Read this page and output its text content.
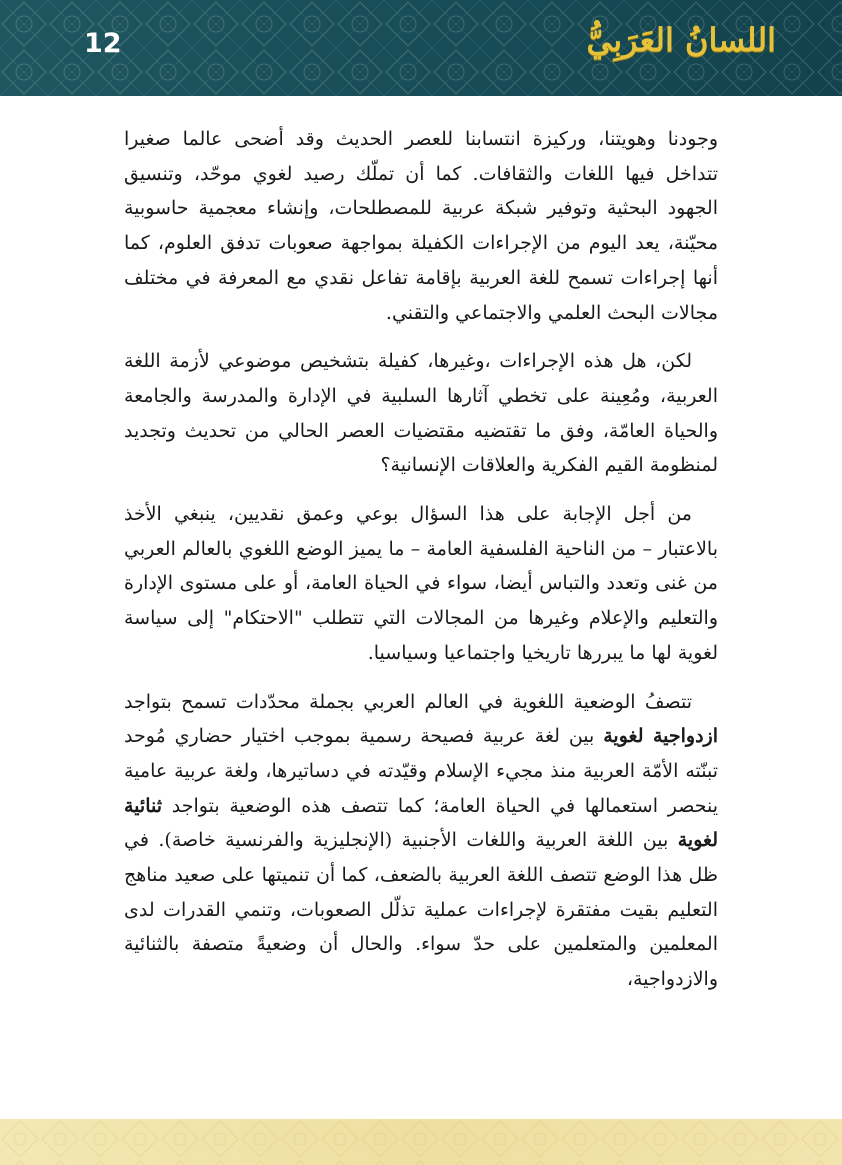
12	اللسانُ العَرَبِيُّ

وجودنا وهويتنا، وركيزة انتسابنا للعصر الحديث وقد أضحى عالما صغيرا تتداخل فيها اللغات والثقافات. كما أن تملّك رصيد لغوي موحّد، وتنسيق الجهود البحثية وتوفير شبكة عربية للمصطلحات، وإنشاء معجمية حاسوبية محيّنة، يعد اليوم من الإجراءات الكفيلة بمواجهة صعوبات تدفق العلوم، كما أنها إجراءات تسمح للغة العربية بإقامة تفاعل نقدي مع المعرفة في مختلف مجالات البحث العلمي والاجتماعي والتقني.

لكن، هل هذه الإجراءات ،وغيرها، كفيلة بتشخيص موضوعي لأزمة اللغة العربية، ومُعِينة على تخطي آثارها السلبية في الإدارة والمدرسة والجامعة والحياة العامّة، وفق ما تقتضيه مقتضيات العصر الحالي من تحديث وتجديد لمنظومة القيم الفكرية والعلاقات الإنسانية؟

من أجل الإجابة على هذا السؤال بوعي وعمق نقديين، ينبغي الأخذ بالاعتبار – من الناحية الفلسفية العامة – ما يميز الوضع اللغوي بالعالم العربي من غنى وتعدد والتباس أيضا، سواء في الحياة العامة، أو على مستوى الإدارة والتعليم والإعلام وغيرها من المجالات التي تتطلب "الاحتكام" إلى سياسة لغوية لها ما يبررها تاريخيا واجتماعيا وسياسيا.

تتصفُ الوضعية اللغوية في العالم العربي بجملة محدّدات تسمح بتواجد ازدواجية لغوية بين لغة عربية فصيحة رسمية بموجب اختيار حضاري مُوحد تبنّته الأمّة العربية منذ مجيء الإسلام وقيّدته في دساتيرها، ولغة عربية عامية ينحصر استعمالها في الحياة العامة؛ كما تتصف هذه الوضعية بتواجد ثنائية لغوية بين اللغة العربية واللغات الأجنبية (الإنجليزية والفرنسية خاصة). في ظل هذا الوضع تتصف اللغة العربية بالضعف، كما أن تنميتها على صعيد مناهج التعليم بقيت مفتقرة لإجراءات عملية تذلّل الصعوبات، وتنمي القدرات لدى المعلمين والمتعلمين على حدّ سواء. والحال أن وضعيةً متصفة بالثنائية والازدواجية،
